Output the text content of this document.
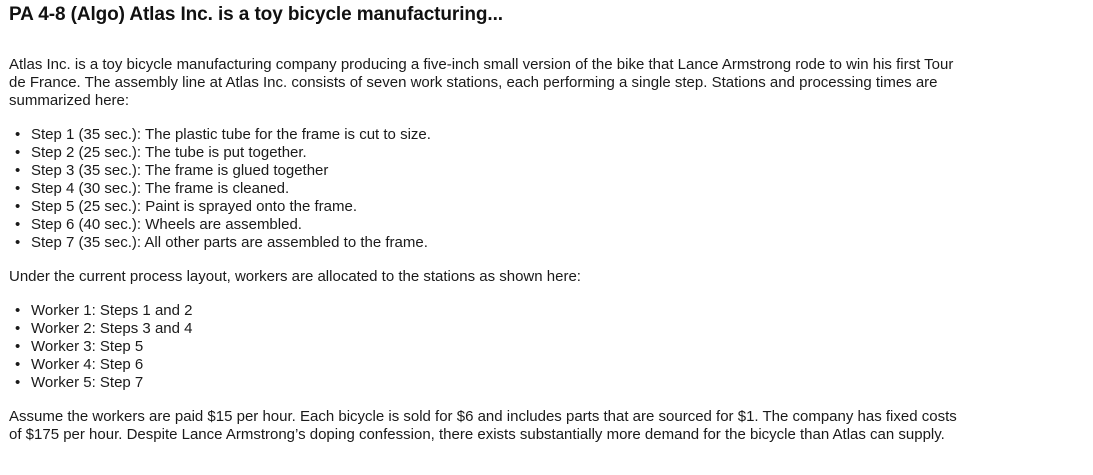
PA 4-8 (Algo) Atlas Inc. is a toy bicycle manufacturing...

Atlas Inc. is a toy bicycle manufacturing company producing a five-inch small version of the bike that Lance Armstrong rode to win his first Tour de France. The assembly line at Atlas Inc. consists of seven work stations, each performing a single step. Stations and processing times are summarized here:

• Step 1 (35 sec.): The plastic tube for the frame is cut to size.
• Step 2 (25 sec.): The tube is put together.
• Step 3 (35 sec.): The frame is glued together
• Step 4 (30 sec.): The frame is cleaned.
• Step 5 (25 sec.): Paint is sprayed onto the frame.
• Step 6 (40 sec.): Wheels are assembled.
• Step 7 (35 sec.): All other parts are assembled to the frame.

Under the current process layout, workers are allocated to the stations as shown here:

• Worker 1: Steps 1 and 2
• Worker 2: Steps 3 and 4
• Worker 3: Step 5
• Worker 4: Step 6
• Worker 5: Step 7

Assume the workers are paid $15 per hour. Each bicycle is sold for $6 and includes parts that are sourced for $1. The company has fixed costs of $175 per hour. Despite Lance Armstrong’s doping confession, there exists substantially more demand for the bicycle than Atlas can supply.
